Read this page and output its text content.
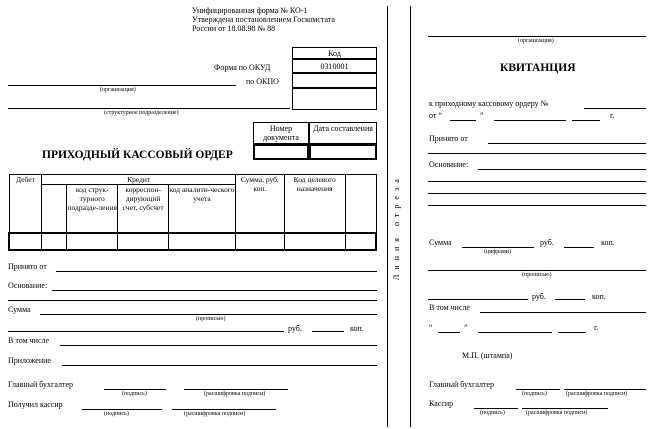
Унифицированная форма № КО-1
Утверждена постановлением Госкомстата
России от 18.08.98 № 88
Код
0310001
Форма по ОКУД
по ОКПО
(организация)
(структурное подразделение)
Номер документа
Дата составления
ПРИХОДНЫЙ КАССОВЫЙ ОРДЕР
Дебет	Кредит				Сумма, руб. коп.	Код целевого назначения	
		код струк-турного подразде-ления	корреспон-дирующий счет, субсчет	код аналити-ческого учета			

Принято от
Основание:
Сумма
(прописью)
руб.	коп.
В том числе
Приложение
Главный бухгалтер
(подпись)	(расшифровка подписи)
Получил кассир
(подпись)	(расшифровка подписи)
Линия отреза
(организация)
КВИТАНЦИЯ
к приходному кассовому ордеру №
от “	”	г.
Принято от
Основание:
Сумма	руб.	коп.
(цифрами)
(прописью)
руб.	коп.
В том числе
“	”	г.
М.П. (штампа)
Главный бухгалтер
(подпись)	(расшифровка подписи)
Кассир
(подпись)	(расшифровка подписи)
